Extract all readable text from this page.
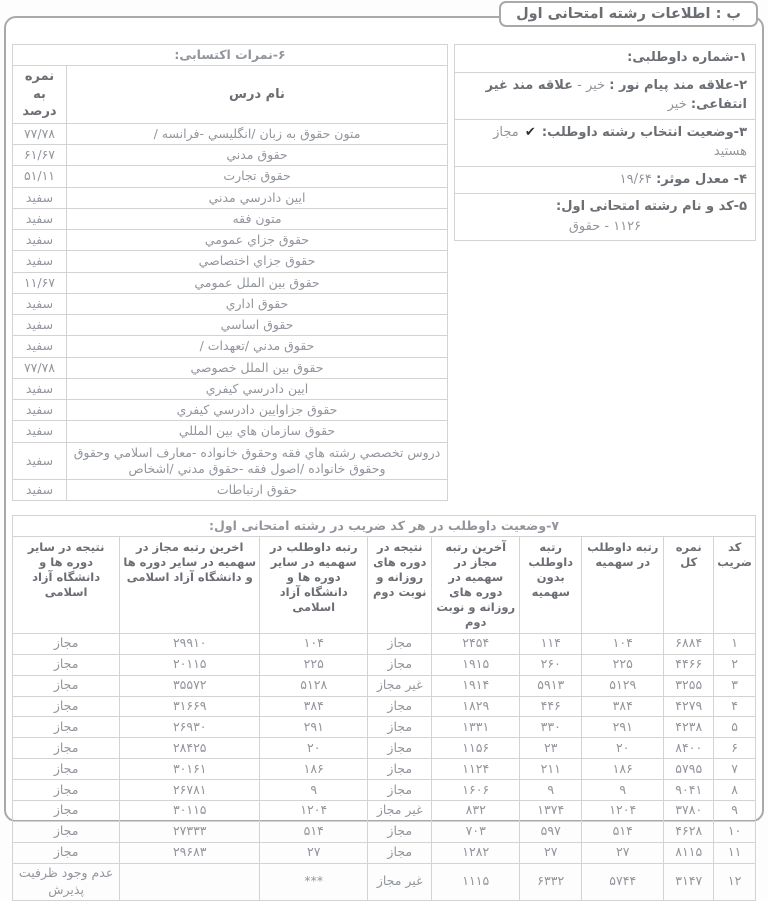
ب : اطلاعات رشته امتحانی اول
۱-شماره داوطلبی:
۲-علاقه مند پیام نور : خیر - علاقه مند غیر انتفاعی: خیر
۳-وضعیت انتخاب رشته داوطلب: ✔ مجاز هستید
۴- معدل موثر: ۱۹/۶۴
۵-کد و نام رشته امتحانی اول:
۱۱۲۶ - حقوق
۶-نمرات اکتسابی:	
نام درس	نمره به درصد
متون حقوق به زبان /انگلیسي -فرانسه /	۷۷/۷۸
حقوق مدني	۶۱/۶۷
حقوق تجارت	۵۱/۱۱
ایین دادرسي مدني	سفید
متون فقه	سفید
حقوق جزاي عمومي	سفید
حقوق جزاي اختصاصي	سفید
حقوق بین الملل عمومي	۱۱/۶۷
حقوق اداري	سفید
حقوق اساسي	سفید
حقوق مدني /تعهدات /	سفید
حقوق بین الملل خصوصي	۷۷/۷۸
ایین دادرسي کیفري	سفید
حقوق جزاوایین دادرسي کیفري	سفید
حقوق سازمان هاي بین المللي	سفید
دروس تخصصي رشته هاي فقه وحقوق خانواده -معارف اسلامي وحقوق وحقوق خانواده /اصول فقه -حقوق مدني /اشخاص	سفید
حقوق ارتباطات	سفید
۷-وضعیت داوطلب در هر کد ضریب در رشته امتحانی اول:								
کد ضریب	نمره کل	رتبه داوطلب در سهمیه	رتبه داوطلب بدون سهمیه	آخرین رتبه مجاز در سهمیه در دوره های روزانه و نوبت دوم	نتیجه در دوره های روزانه و نوبت دوم	رتبه داوطلب در سهمیه در سایر دوره ها و دانشگاه آزاد اسلامی	اخرین رتبه مجاز در سهمیه در سایر دوره ها و دانشگاه آزاد اسلامی	نتیجه در سایر دوره ها و دانشگاه آزاد اسلامی
۱	۶۸۸۴	۱۰۴	۱۱۴	۲۴۵۴	مجاز	۱۰۴	۲۹۹۱۰	مجاز
۲	۴۴۶۶	۲۲۵	۲۶۰	۱۹۱۵	مجاز	۲۲۵	۲۰۱۱۵	مجاز
۳	۳۲۵۵	۵۱۲۹	۵۹۱۳	۱۹۱۴	غیر مجاز	۵۱۲۸	۳۵۵۷۲	مجاز
۴	۴۲۷۹	۳۸۴	۴۴۶	۱۸۲۹	مجاز	۳۸۴	۳۱۶۶۹	مجاز
۵	۴۲۳۸	۲۹۱	۳۳۰	۱۳۳۱	مجاز	۲۹۱	۲۶۹۳۰	مجاز
۶	۸۴۰۰	۲۰	۲۳	۱۱۵۶	مجاز	۲۰	۲۸۴۲۵	مجاز
۷	۵۷۹۵	۱۸۶	۲۱۱	۱۱۲۴	مجاز	۱۸۶	۳۰۱۶۱	مجاز
۸	۹۰۴۱	۹	۹	۱۶۰۶	مجاز	۹	۲۶۷۸۱	مجاز
۹	۳۷۸۰	۱۲۰۴	۱۳۷۴	۸۳۲	غیر مجاز	۱۲۰۴	۳۰۱۱۵	مجاز
۱۰	۴۶۲۸	۵۱۴	۵۹۷	۷۰۳	مجاز	۵۱۴	۲۷۳۳۳	مجاز
۱۱	۸۱۱۵	۲۷	۲۷	۱۲۸۲	مجاز	۲۷	۲۹۶۸۳	مجاز
۱۲	۳۱۴۷	۵۷۴۴	۶۳۳۲	۱۱۱۵	غیر مجاز	***		عدم وجود ظرفیت پذیرش
